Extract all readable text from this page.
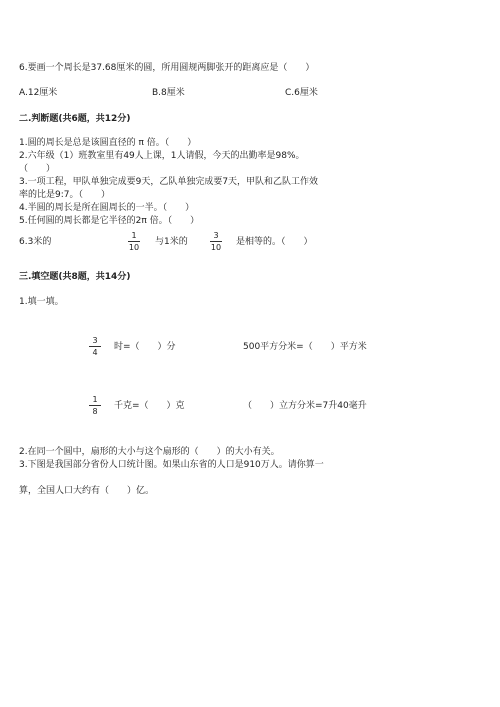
6.要画一个周长是37.68厘米的圆，所用圆规两脚张开的距离应是（　　）
A.12厘米	B.8厘米	C.6厘米
二.判断题(共6题，共12分)
1.圆的周长是总是该圆直径的 π 倍。（　　）
2.六年级（1）班教室里有49人上课，1人请假，今天的出勤率是98%。
（　　）
3.一项工程，甲队单独完成要9天，乙队单独完成要7天，甲队和乙队工作效
率的比是9:7。（　　）
4.半圆的周长是所在圆周长的一半。（　　）
5.任何圆的周长都是它半径的2π 倍。（　　）
6.3米的	$\frac{1}{10}$ 与1米的	$\frac{3}{10}$ 是相等的。（　　）
三.填空题(共8题，共14分)
1.填一填。
$\frac{3}{4}$ 时=（　　）分	500平方分米=（　　）平方米
$\frac{1}{8}$ 千克=（　　）克	（　　）立方分米=7升40毫升
2.在同一个圆中，扇形的大小与这个扇形的（　　）的大小有关。
3.下图是我国部分省份人口统计图。如果山东省的人口是910万人。请你算一
算，全国人口大约有（　　）亿。
